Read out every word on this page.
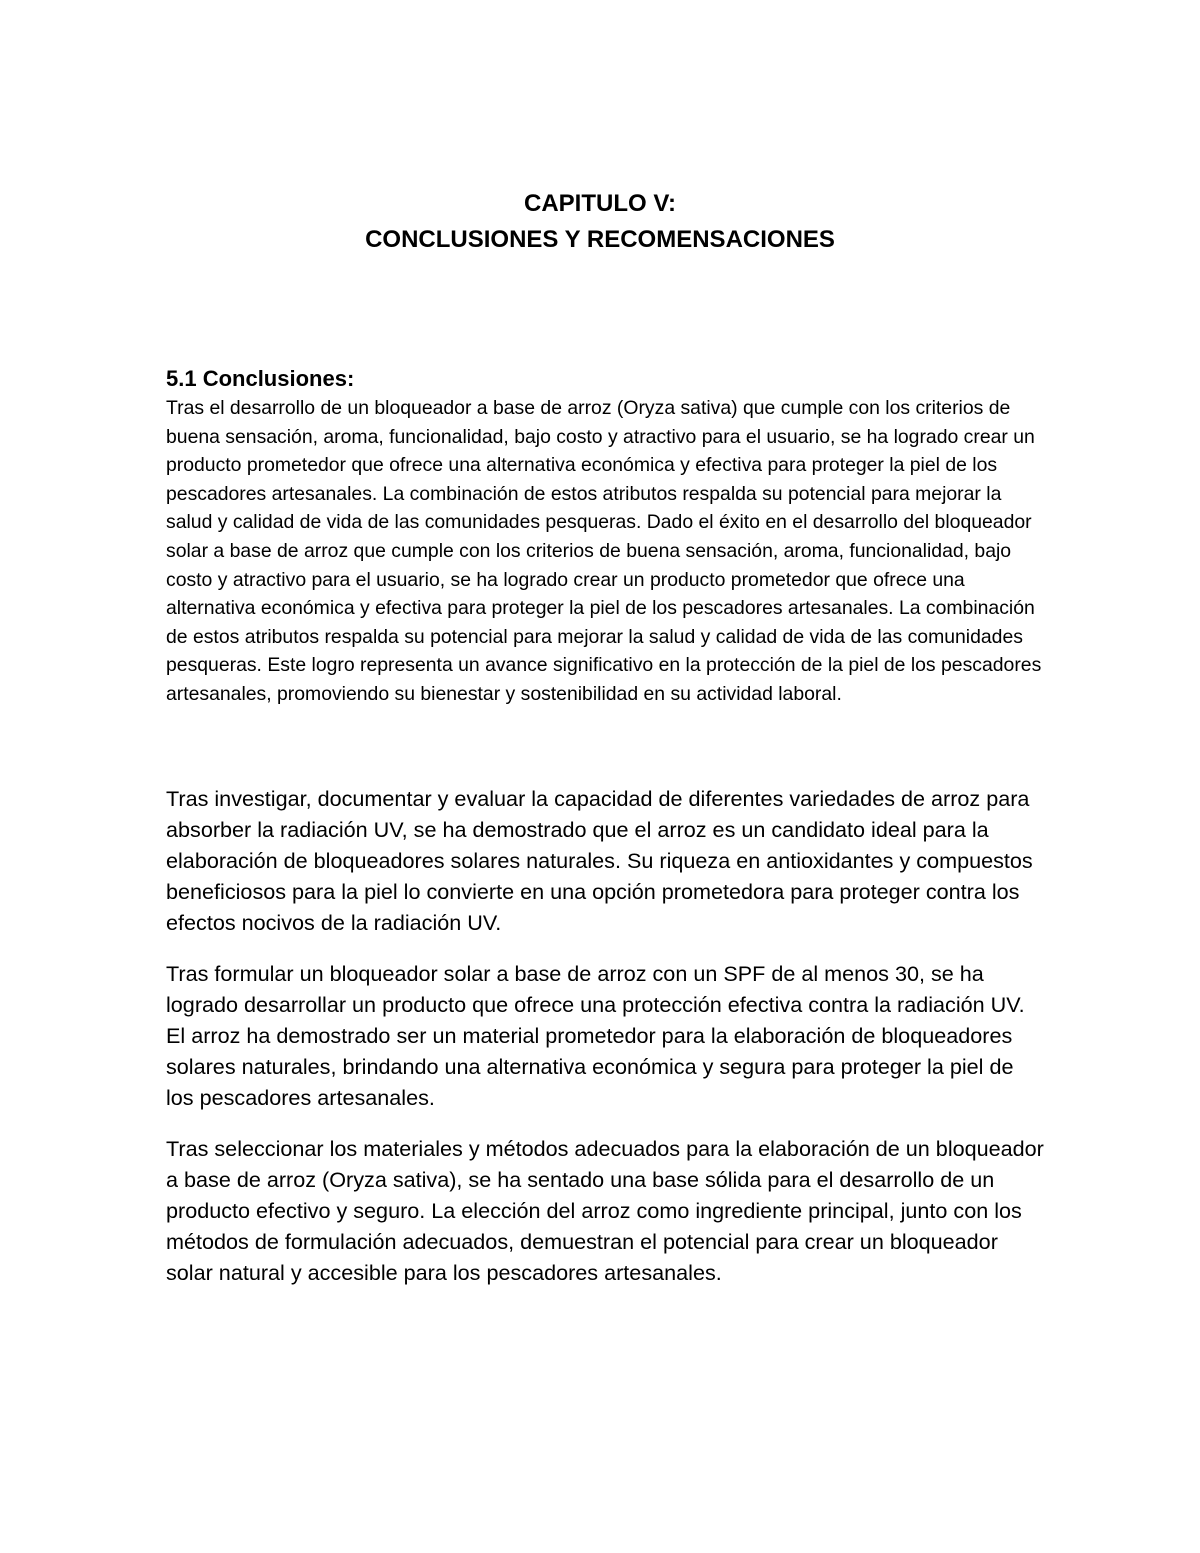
CAPITULO V:
CONCLUSIONES Y RECOMENSACIONES
5.1 Conclusiones:

Tras el desarrollo de un bloqueador a base de arroz (Oryza sativa) que cumple con los criterios de buena sensación, aroma, funcionalidad, bajo costo y atractivo para el usuario, se ha logrado crear un producto prometedor que ofrece una alternativa económica y efectiva para proteger la piel de los pescadores artesanales. La combinación de estos atributos respalda su potencial para mejorar la salud y calidad de vida de las comunidades pesqueras. Dado el éxito en el desarrollo del bloqueador solar a base de arroz que cumple con los criterios de buena sensación, aroma, funcionalidad, bajo costo y atractivo para el usuario, se ha logrado crear un producto prometedor que ofrece una alternativa económica y efectiva para proteger la piel de los pescadores artesanales. La combinación de estos atributos respalda su potencial para mejorar la salud y calidad de vida de las comunidades pesqueras. Este logro representa un avance significativo en la protección de la piel de los pescadores artesanales, promoviendo su bienestar y sostenibilidad en su actividad laboral.

Tras investigar, documentar y evaluar la capacidad de diferentes variedades de arroz para absorber la radiación UV, se ha demostrado que el arroz es un candidato ideal para la elaboración de bloqueadores solares naturales. Su riqueza en antioxidantes y compuestos beneficiosos para la piel lo convierte en una opción prometedora para proteger contra los efectos nocivos de la radiación UV.

Tras formular un bloqueador solar a base de arroz con un SPF de al menos 30, se ha logrado desarrollar un producto que ofrece una protección efectiva contra la radiación UV. El arroz ha demostrado ser un material prometedor para la elaboración de bloqueadores solares naturales, brindando una alternativa económica y segura para proteger la piel de los pescadores artesanales.

Tras seleccionar los materiales y métodos adecuados para la elaboración de un bloqueador a base de arroz (Oryza sativa), se ha sentado una base sólida para el desarrollo de un producto efectivo y seguro. La elección del arroz como ingrediente principal, junto con los métodos de formulación adecuados, demuestran el potencial para crear un bloqueador solar natural y accesible para los pescadores artesanales.
